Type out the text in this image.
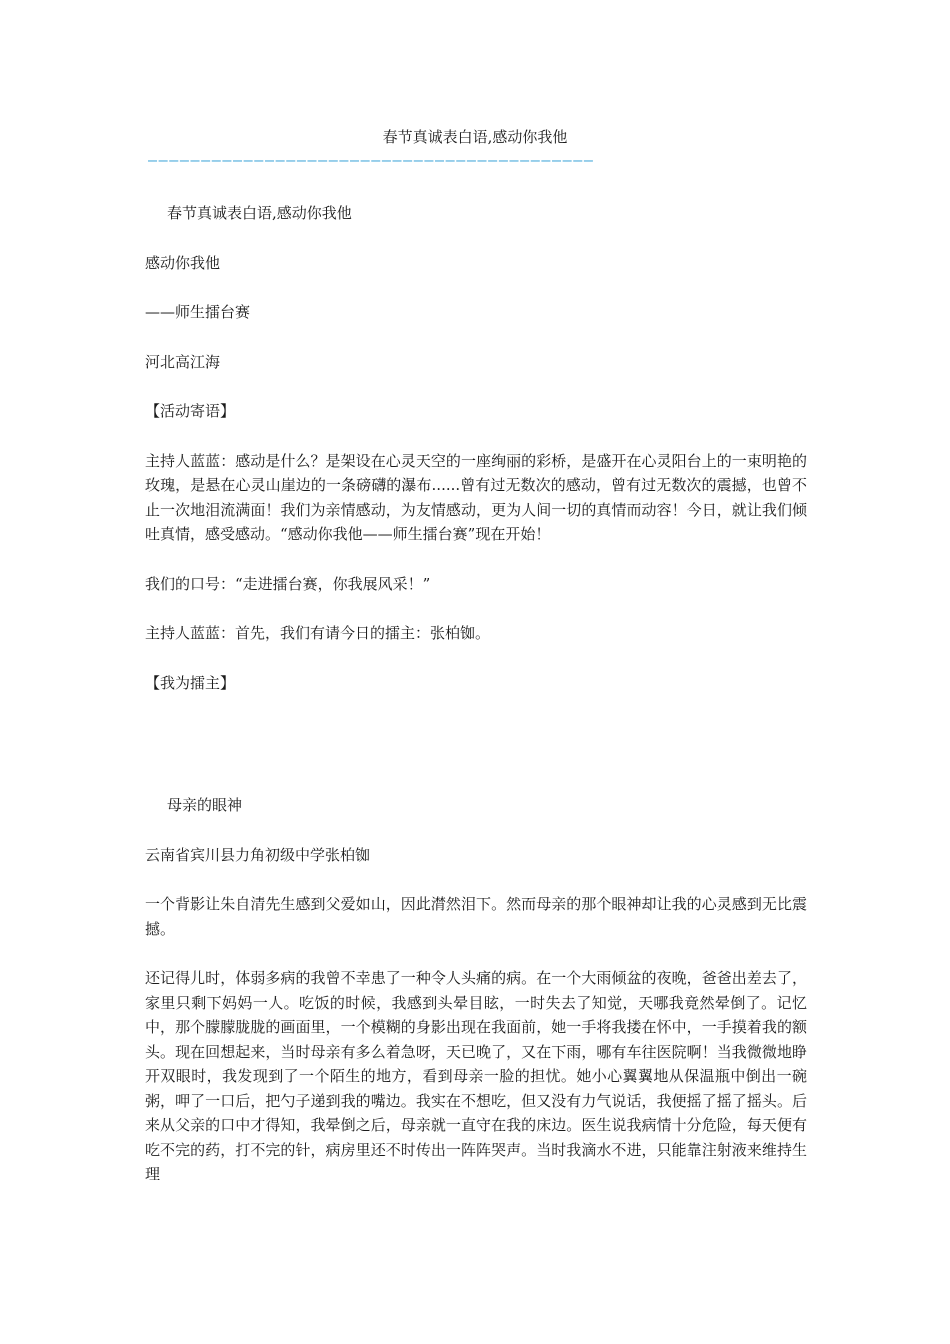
春节真诚表白语,感动你我他
——————————————————————————————————————————

春节真诚表白语,感动你我他

感动你我他

——师生擂台赛

河北高江海

【活动寄语】

主持人蓝蓝：感动是什么？是架设在心灵天空的一座绚丽的彩桥，是盛开在心灵阳台上的一束明艳的玫瑰，是悬在心灵山崖边的一条磅礴的瀑布......曾有过无数次的感动，曾有过无数次的震撼，也曾不止一次地泪流满面！我们为亲情感动，为友情感动，更为人间一切的真情而动容！今日，就让我们倾吐真情，感受感动。“感动你我他——师生擂台赛”现在开始！

我们的口号：“走进擂台赛，你我展风采！”

主持人蓝蓝：首先，我们有请今日的擂主：张柏铷。

【我为擂主】

母亲的眼神

云南省宾川县力角初级中学张柏铷

一个背影让朱自清先生感到父爱如山，因此潸然泪下。然而母亲的那个眼神却让我的心灵感到无比震撼。

还记得儿时，体弱多病的我曾不幸患了一种令人头痛的病。在一个大雨倾盆的夜晚，爸爸出差去了，家里只剩下妈妈一人。吃饭的时候，我感到头晕目眩，一时失去了知觉，天哪我竟然晕倒了。记忆中，那个朦朦胧胧的画面里，一个模糊的身影出现在我面前，她一手将我搂在怀中，一手摸着我的额头。现在回想起来，当时母亲有多么着急呀，天已晚了，又在下雨，哪有车往医院啊！当我微微地睁开双眼时，我发现到了一个陌生的地方，看到母亲一脸的担忧。她小心翼翼地从保温瓶中倒出一碗粥，呷了一口后，把勺子递到我的嘴边。我实在不想吃，但又没有力气说话，我便摇了摇了摇头。后来从父亲的口中才得知，我晕倒之后，母亲就一直守在我的床边。医生说我病情十分危险，每天便有吃不完的药，打不完的针，病房里还不时传出一阵阵哭声。当时我滴水不进，只能靠注射液来维持生理
